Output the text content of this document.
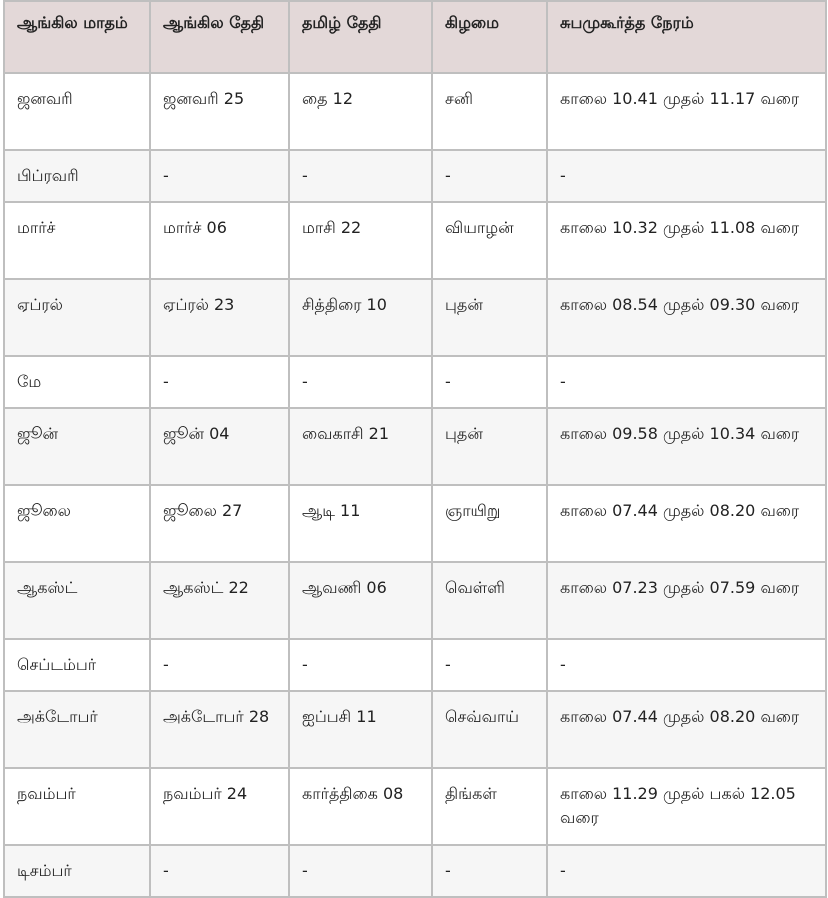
ஆங்கில மாதம்	ஆங்கில தேதி	தமிழ் தேதி	கிழமை	சுபமுகூர்த்த நேரம்
ஜனவரி	ஜனவரி 25	தை 12	சனி	காலை 10.41 முதல் 11.17 வரை
பிப்ரவரி	-	-	-	-
மார்ச்	மார்ச் 06	மாசி 22	வியாழன்	காலை 10.32 முதல் 11.08 வரை
ஏப்ரல்	ஏப்ரல் 23	சித்திரை 10	புதன்	காலை 08.54 முதல் 09.30 வரை
மே	-	-	-	-
ஜூன்	ஜூன் 04	வைகாசி 21	புதன்	காலை 09.58 முதல் 10.34 வரை
ஜூலை	ஜூலை 27	ஆடி 11	ஞாயிறு	காலை 07.44 முதல் 08.20 வரை
ஆகஸ்ட்	ஆகஸ்ட் 22	ஆவணி 06	வெள்ளி	காலை 07.23 முதல் 07.59 வரை
செப்டம்பர்	-	-	-	-
அக்டோபர்	அக்டோபர் 28	ஐப்பசி 11	செவ்வாய்	காலை 07.44 முதல் 08.20 வரை
நவம்பர்	நவம்பர் 24	கார்த்திகை 08	திங்கள்	காலை 11.29 முதல் பகல் 12.05 வரை
டிசம்பர்	-	-	-	-
